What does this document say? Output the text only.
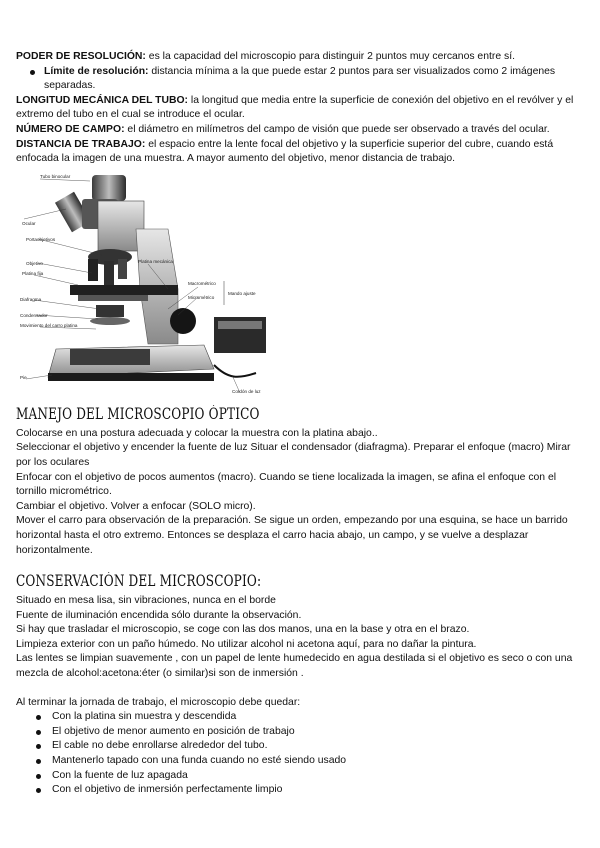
PODER DE RESOLUCIÓN: es la capacidad del microscopio para distinguir 2 puntos muy cercanos entre sí.

Límite de resolución: distancia mínima a la que puede estar 2 puntos para ser visualizados como 2 imágenes separadas.

LONGITUD MECÁNICA DEL TUBO: la longitud que media entre la superficie de conexión del objetivo en el revólver y el extremo del tubo en el cual se introduce el ocular.

NÚMERO DE CAMPO: el diámetro en milímetros del campo de visión que puede ser observado a través del ocular.

DISTANCIA DE TRABAJO: el espacio entre la lente focal del objetivo y la superficie superior del cubre, cuando está enfocada la imagen de una muestra. A mayor aumento del objetivo, menor distancia de trabajo.

Tubo binocular
Ocular
Portaobjetivos
Objetivo
Platina fija
Platina mecánica
Macrométrico
Micrométrico
Mando ajuste
Diafragma
Condensador
Movimiento del carro platina
Pie
Cordón de luz
MANEJO DEL MICROSCOPIO ÓPTICO

Colocarse en una postura adecuada y colocar la muestra con la platina abajo..

Seleccionar el objetivo y encender la fuente de luz Situar el condensador (diafragma). Preparar el enfoque (macro) Mirar por los oculares

Enfocar con el objetivo de pocos aumentos (macro). Cuando se tiene localizada la imagen, se afina el enfoque con el tornillo micrométrico.

Cambiar el objetivo. Volver a enfocar (SOLO micro).

Mover el carro para observación de la preparación. Se sigue un orden, empezando por una esquina, se hace un barrido horizontal hasta el otro extremo. Entonces se desplaza el carro hacia abajo, un campo, y se vuelve a desplazar horizontalmente.

CONSERVACIÓN DEL MICROSCOPIO:

Situado en mesa lisa, sin vibraciones, nunca en el borde

Fuente de iluminación encendida sólo durante la observación.

Si hay que trasladar el microscopio, se coge con las dos manos, una en la base y otra en el brazo.

Limpieza exterior con un paño húmedo. No utilizar alcohol ni acetona aquí, para no dañar la pintura.

Las lentes se limpian suavemente , con un papel de lente humedecido en agua destilada si el objetivo es seco o con una mezcla de alcohol:acetona:éter (o similar)si son de inmersión .

Al terminar la jornada de trabajo, el microscopio debe quedar:

Con la platina sin muestra y descendida
El objetivo de menor aumento en posición de trabajo
El cable no debe enrollarse alrededor del tubo.
Mantenerlo tapado con una funda cuando no esté siendo usado
Con la fuente de luz apagada
Con el objetivo de inmersión perfectamente limpio
